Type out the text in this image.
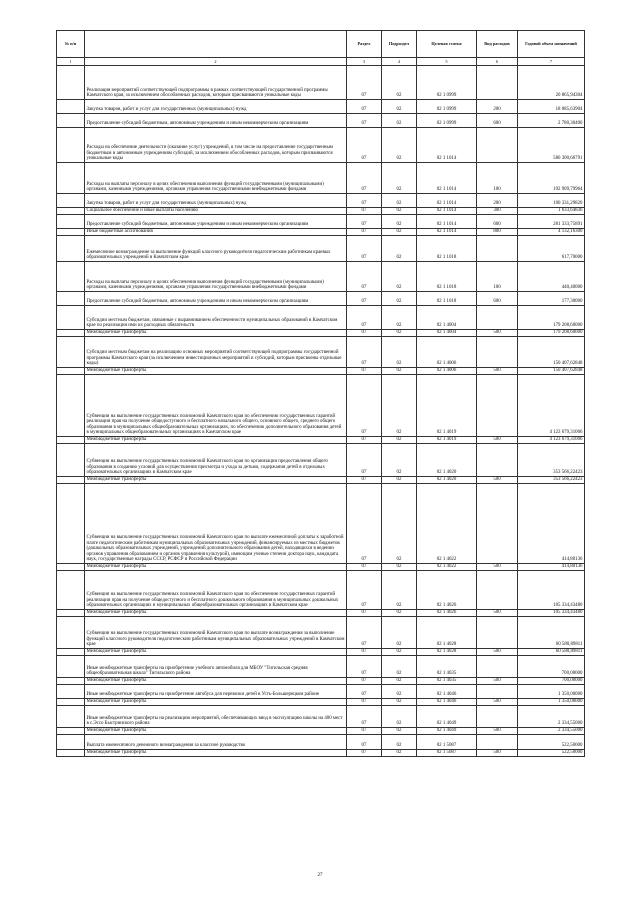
№ п/п		Раздел	Подраздел	Целевая статья	Вид расходов	Годовой объем назначений
1	2	3	4	5	6	7
	Реализация мероприятий соответствующей подпрограммы в рамках соответствующей государственной программы Камчатского края, за исключением обособленных расходов, которым присваиваются уникальные коды	07	02	02 1 0999		20 865,94304
	Закупка товаров, работ и услуг для государственных (муниципальных) нужд	07	02	02 1 0999	200	18 085,63904
	Предоставление субсидий бюджетным, автономным учреждениям и иным некоммерческим организациям	07	02	02 1 0999	600	2 780,30400
	Расходы на обеспечение деятельности (оказание услуг) учреждений, в том числе на предоставление государственным бюджетным и автономным учреждениям субсидий, за исключением обособленных расходов, которым присваиваются уникальные коды	07	02	02 1 1014		580 300,66791
	Расходы на выплаты персоналу в целях обеспечения выполнения функций государственными (муниципальными) органами, казенными учреждениями, органами управления государственными внебюджетными фондами	07	02	02 1 1014	100	192 909,79964
	Закупка товаров, работ и услуг для государственных (муниципальных) нужд	07	02	02 1 1014	200	100 331,29820
	Социальное обеспечение и иные выплаты населению	07	02	02 1 1014	300	1 633,64836
	Предоставление субсидий бюджетным, автономным учреждениям и иным некоммерческим организациям	07	02	02 1 1014	600	281 333,75891
	Иные бюджетные ассигнования	07	02	02 1 1014	800	4 132,16300
	Ежемесячное вознаграждение за выполнение функций классного руководителя педагогическим работникам краевых образовательных учреждений в Камчатском крае	07	02	02 1 1018		617,70000
	Расходы на выплаты персоналу в целях обеспечения выполнения функций государственными (муниципальными) органами, казенными учреждениями, органами управления государственными внебюджетными фондами	07	02	02 1 1018	100	440,40000
	Предоставление субсидий бюджетным, автономным учреждениям и иным некоммерческим организациям	07	02	02 1 1018	600	177,30000
	Субсидии местным бюджетам, связанные с выравниванием обеспеченности муниципальных образований в Камчатском крае по реализации ими их расходных обязательств	07	02	02 1 4004		179 208,60000
	Межбюджетные трансферты	07	02	02 1 4004	500	179 208,60000
	Субсидии местным бюджетам на реализацию основных мероприятий соответствующей подпрограммы государственной программы Камчатского края (за исключением инвестиционных мероприятий и субсидий, которым присвоены отдельные коды)	07	02	02 1 4006		150 407,62848
	Межбюджетные трансферты	07	02	02 1 4006	500	150 407,62848
	Субвенции на выполнение государственных полномочий Камчатского края по обеспечению государственных гарантий реализации прав на получение общедоступного и бесплатного начального общего, основного общего, среднего общего образования в муниципальных общеобразовательных организациях, по обеспечению дополнительного образования детей в муниципальных общеобразовательных организациях в Камчатском крае	07	02	02 1 4019		4 123 679,31006
	Межбюджетные трансферты	07	02	02 1 4019	500	4 123 679,31006
	Субвенции на выполнение государственных полномочий Камчатского края по организации предоставления общего образования в созданию условий для осуществления присмотра и ухода за детьми, содержания детей в отдельных образовательных организациях в Камчатском крае	07	02	02 1 4020		353 566,22423
	Межбюджетные трансферты	07	02	02 1 4020	500	353 566,22423
	Субвенции на выполнение государственных полномочий Камчатского края по выплате ежемесячной доплаты к заработной плате педагогическим работникам муниципальных образовательных учреждений, финансируемых из местных бюджетов (дошкольных образовательных учреждений, учреждений дополнительного образования детей, находящихся в ведении органов управления образованием и органов управления культурой), имеющим ученые степени доктора наук, кандидата наук, государственные награды СССР, РСФСР и Российской Федерации	07	02	02 1 4022		414,80136
	Межбюджетные трансферты	07	02	02 1 4022	500	414,80136
	Субвенции на выполнение государственных полномочий Камчатского края по обеспечению государственных гарантий реализации прав на получение общедоступного и бесплатного дошкольного образования в муниципальных дошкольных образовательных организациях и муниципальных общеобразовательных организациях в Камчатском крае	07	02	02 1 4026		105 334,43480
	Межбюджетные трансферты	07	02	02 1 4026	500	105 334,43480
	Субвенции на выполнение государственных полномочий Камчатского края по выплате вознаграждения за выполнение функций классного руководителя педагогическим работникам муниципальных образовательных учреждений в Камчатском крае	07	02	02 1 4028		60 580,89811
	Межбюджетные трансферты	07	02	02 1 4028	500	60 580,89811
	Иные межбюджетные трансферты на приобретение учебного автомобиля для МБОУ "Тигильская средняя общеобразовательная школа" Тигильского района	07	02	02 1 4035		700,00000
	Межбюджетные трансферты	07	02	02 1 4035	500	700,00000
	Иные межбюджетные трансферты на приобретение автобуса для перевозки детей в Усть-Большерецком районе	07	02	02 1 4046		1 350,00000
	Межбюджетные трансферты	07	02	02 1 4046	500	1 350,00000
	Иные межбюджетные трансферты на реализацию мероприятий, обеспечивающих ввод в эксплуатацию школы на 400 мест в с.Эссо Быстринского района	07	02	02 1 4049		2 334,55000
	Межбюджетные трансферты	07	02	02 1 4049	500	2 334,55000
	Выплата ежемесячного денежного вознаграждения за классное руководство	07	02	02 1 5087		522,50000
	Межбюджетные трансферты	07	02	02 1 5087	500	522,50000
27
